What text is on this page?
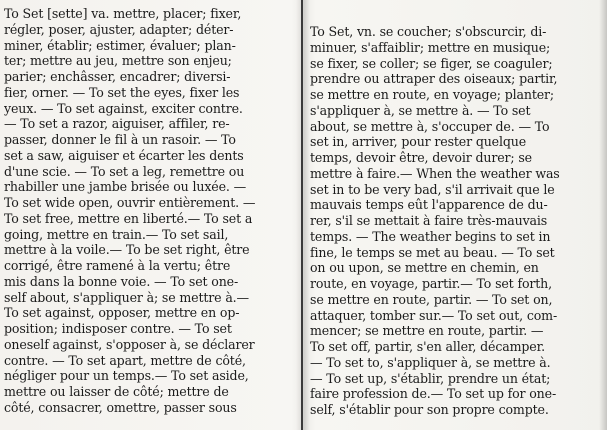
To Set [sette] va. mettre, placer; fixer,
régler, poser, ajuster, adapter; déter-
miner, établir; estimer, évaluer; plan-
ter; mettre au jeu, mettre son enjeu;
parier; enchâsser, encadrer; diversi-
fier, orner. — To set the eyes, fixer les
yeux. — To set against, exciter contre.
— To set a razor, aiguiser, affiler, re-
passer, donner le fil à un rasoir. — To
set a saw, aiguiser et écarter les dents
d'une scie. — To set a leg, remettre ou
rhabiller une jambe brisée ou luxée. —
To set wide open, ouvrir entièrement. —
To set free, mettre en liberté.— To set a
going, mettre en train.— To set sail,
mettre à la voile.— To be set right, être
corrigé, être ramené à la vertu; être
mis dans la bonne voie. — To set one-
self about, s'appliquer à; se mettre à.—
To set against, opposer, mettre en op-
position; indisposer contre. — To set
oneself against, s'opposer à, se déclarer
contre. — To set apart, mettre de côté,
négliger pour un temps.— To set aside,
mettre ou laisser de côté; mettre de
côté, consacrer, omettre, passer sous
To Set, vn. se coucher; s'obscurcir, di-
minuer, s'affaiblir; mettre en musique;
se fixer, se coller; se figer, se coaguler;
prendre ou attraper des oiseaux; partir,
se mettre en route, en voyage; planter;
s'appliquer à, se mettre à. — To set
about, se mettre à, s'occuper de. — To
set in, arriver, pour rester quelque
temps, devoir être, devoir durer; se
mettre à faire.— When the weather was
set in to be very bad, s'il arrivait que le
mauvais temps eût l'apparence de du-
rer, s'il se mettait à faire très-mauvais
temps. — The weather begins to set in
fine, le temps se met au beau. — To set
on ou upon, se mettre en chemin, en
route, en voyage, partir.— To set forth,
se mettre en route, partir. — To set on,
attaquer, tomber sur.— To set out, com-
mencer; se mettre en route, partir. —
To set off, partir, s'en aller, décamper.
— To set to, s'appliquer à, se mettre à.
— To set up, s'établir, prendre un état;
faire profession de.— To set up for one-
self, s'établir pour son propre compte.
